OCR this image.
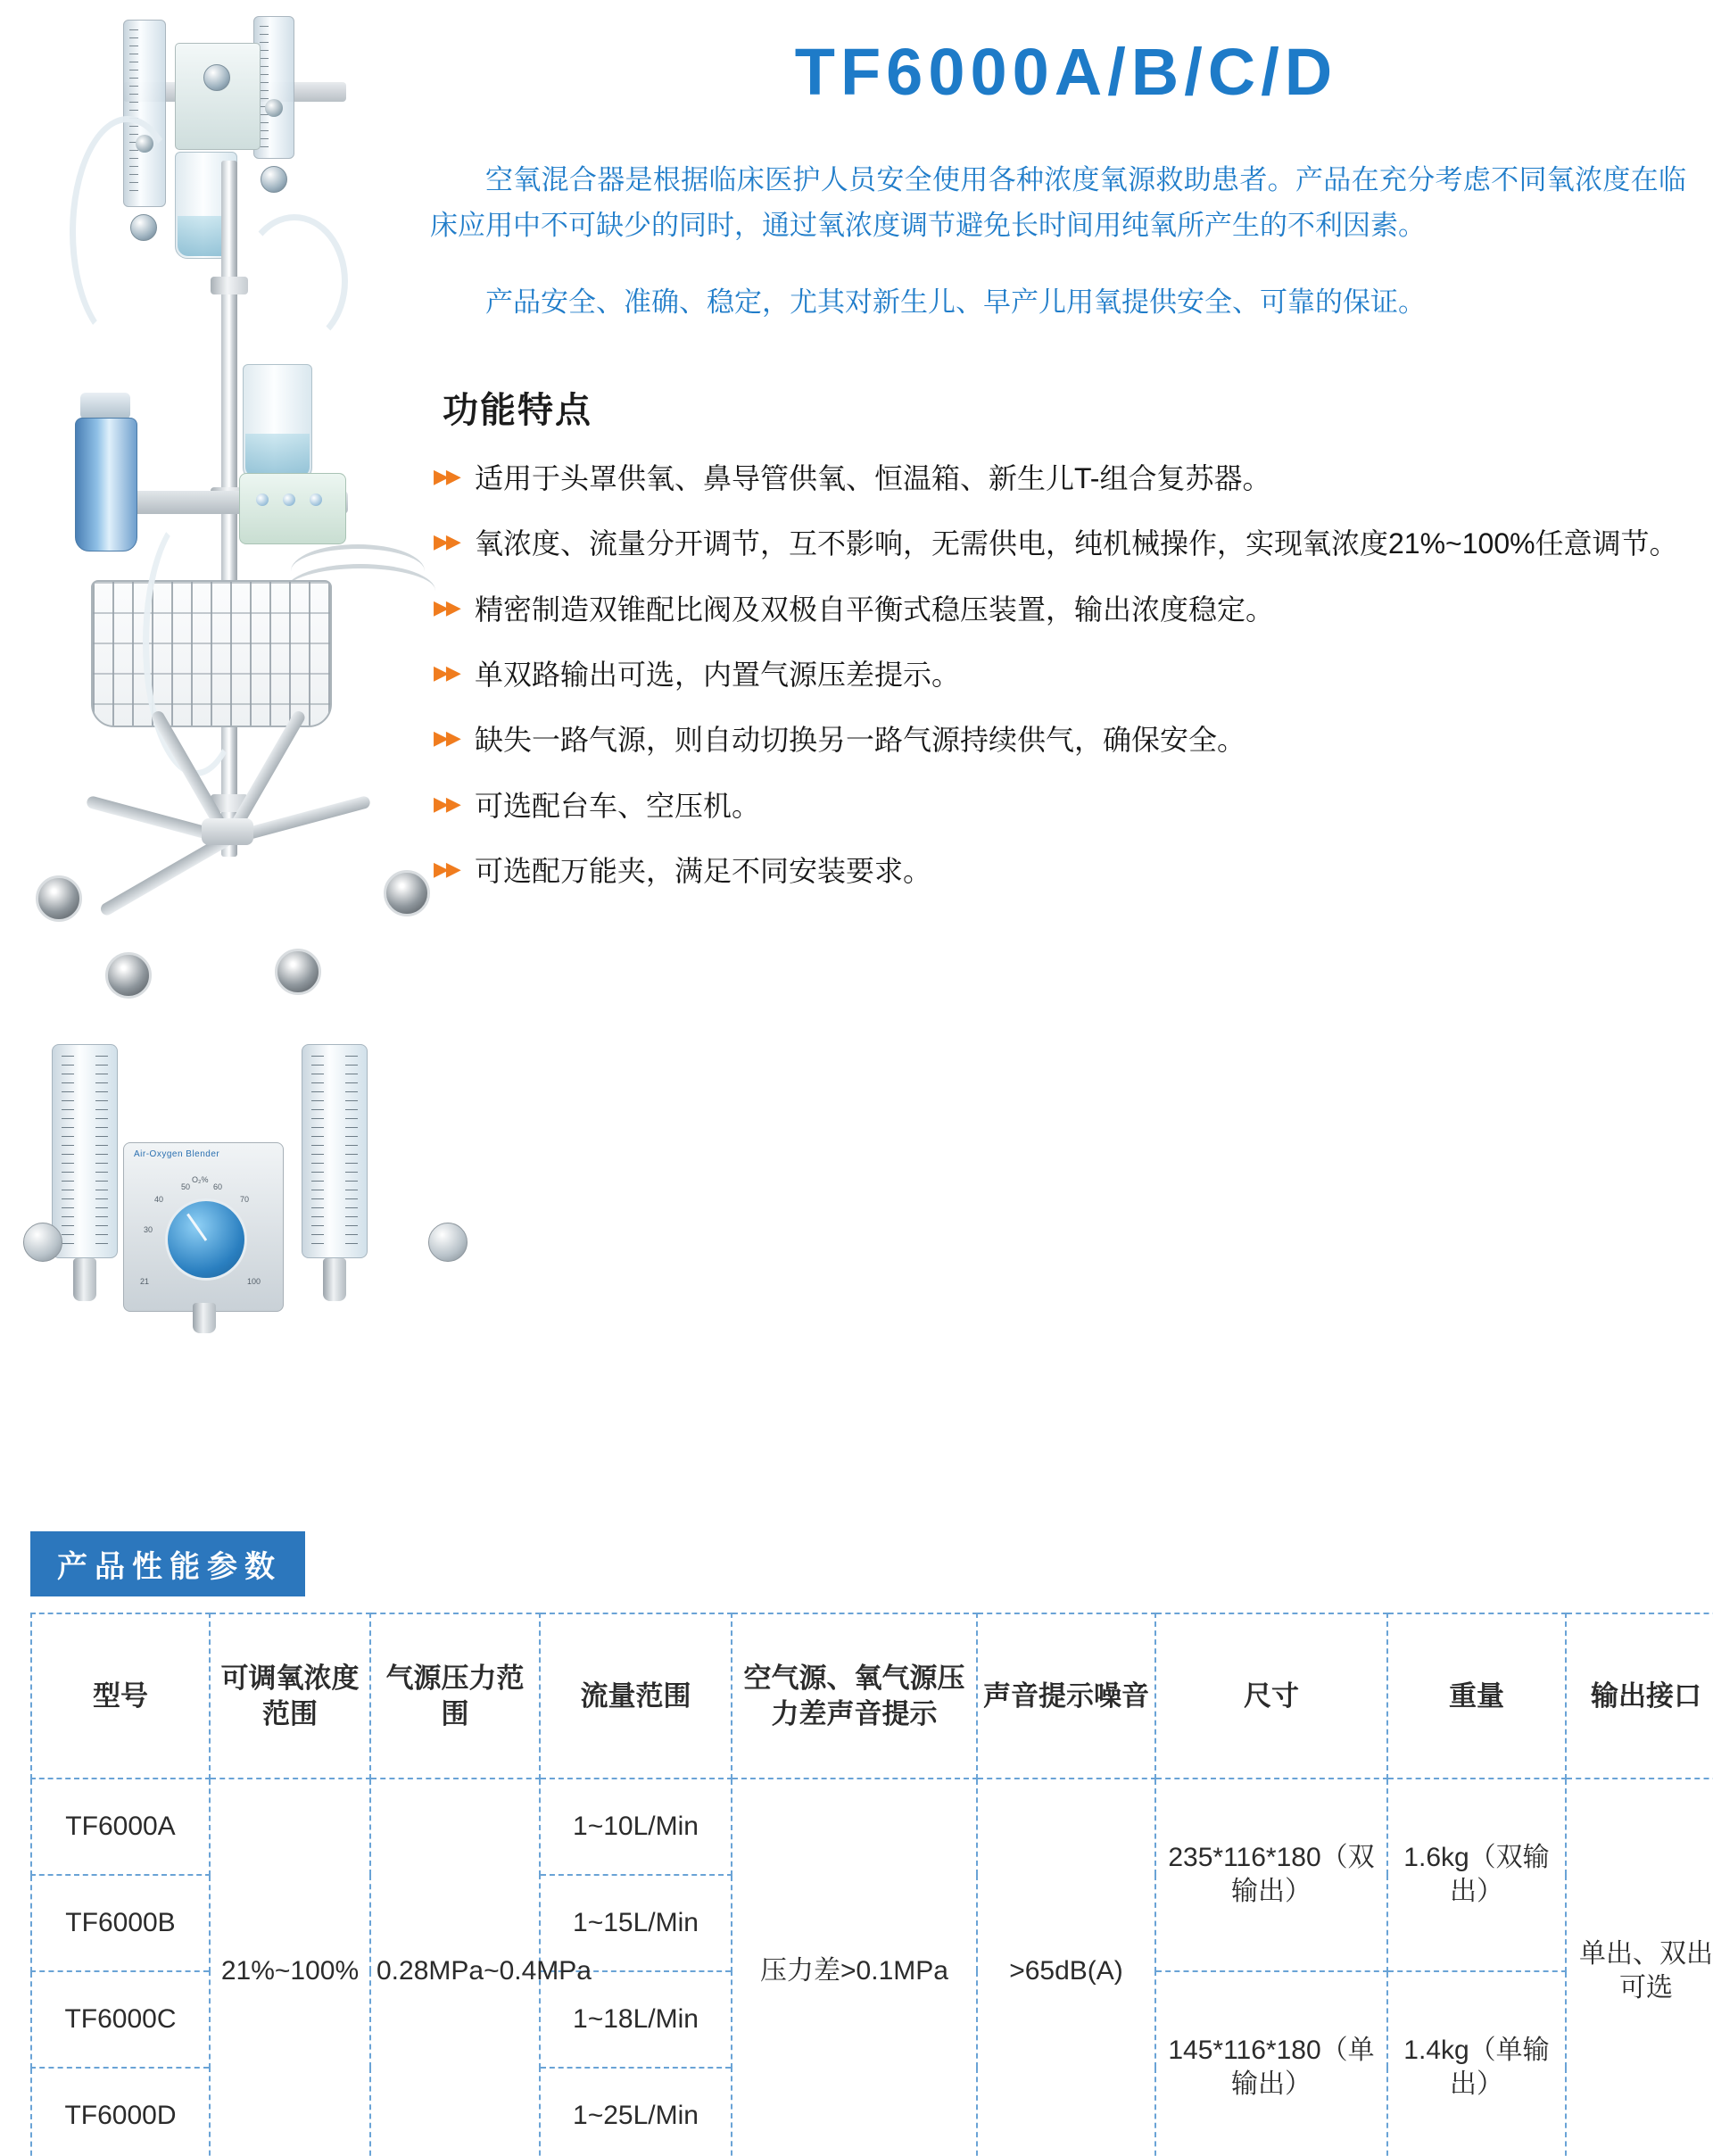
O₂%
30
40
50	60
70
21	100
Air-Oxygen Blender
TF6000A/B/C/D

空氧混合器是根据临床医护人员安全使用各种浓度氧源救助患者。产品在充分考虑不同氧浓度在临床应用中不可缺少的同时，通过氧浓度调节避免长时间用纯氧所产生的不利因素。

产品安全、准确、稳定，尤其对新生儿、早产儿用氧提供安全、可靠的保证。

功能特点
▶▶ 适用于头罩供氧、鼻导管供氧、恒温箱、新生儿T-组合复苏器。
▶▶ 氧浓度、流量分开调节，互不影响，无需供电，纯机械操作，实现氧浓度21%~100%任意调节。
▶▶ 精密制造双锥配比阀及双极自平衡式稳压装置，输出浓度稳定。
▶▶ 单双路输出可选，内置气源压差提示。
▶▶ 缺失一路气源，则自动切换另一路气源持续供气，确保安全。
▶▶ 可选配台车、空压机。
▶▶ 可选配万能夹，满足不同安装要求。
产品性能参数
型号	可调氧浓度范围	气源压力范围	流量范围	空气源、氧气源压力差声音提示	声音提示噪音	尺寸	重量	输出接口
TF6000A	21%~100%	0.28MPa~0.4MPa	1~10L/Min	压力差>0.1MPa	>65dB(A)	235*116*180（双输出）	1.6kg（双输出）	单出、双出可选
TF6000B			1~15L/Min					
TF6000C			1~18L/Min			145*116*180（单输出）	1.4kg（单输出）	
TF6000D			1~25L/Min					
